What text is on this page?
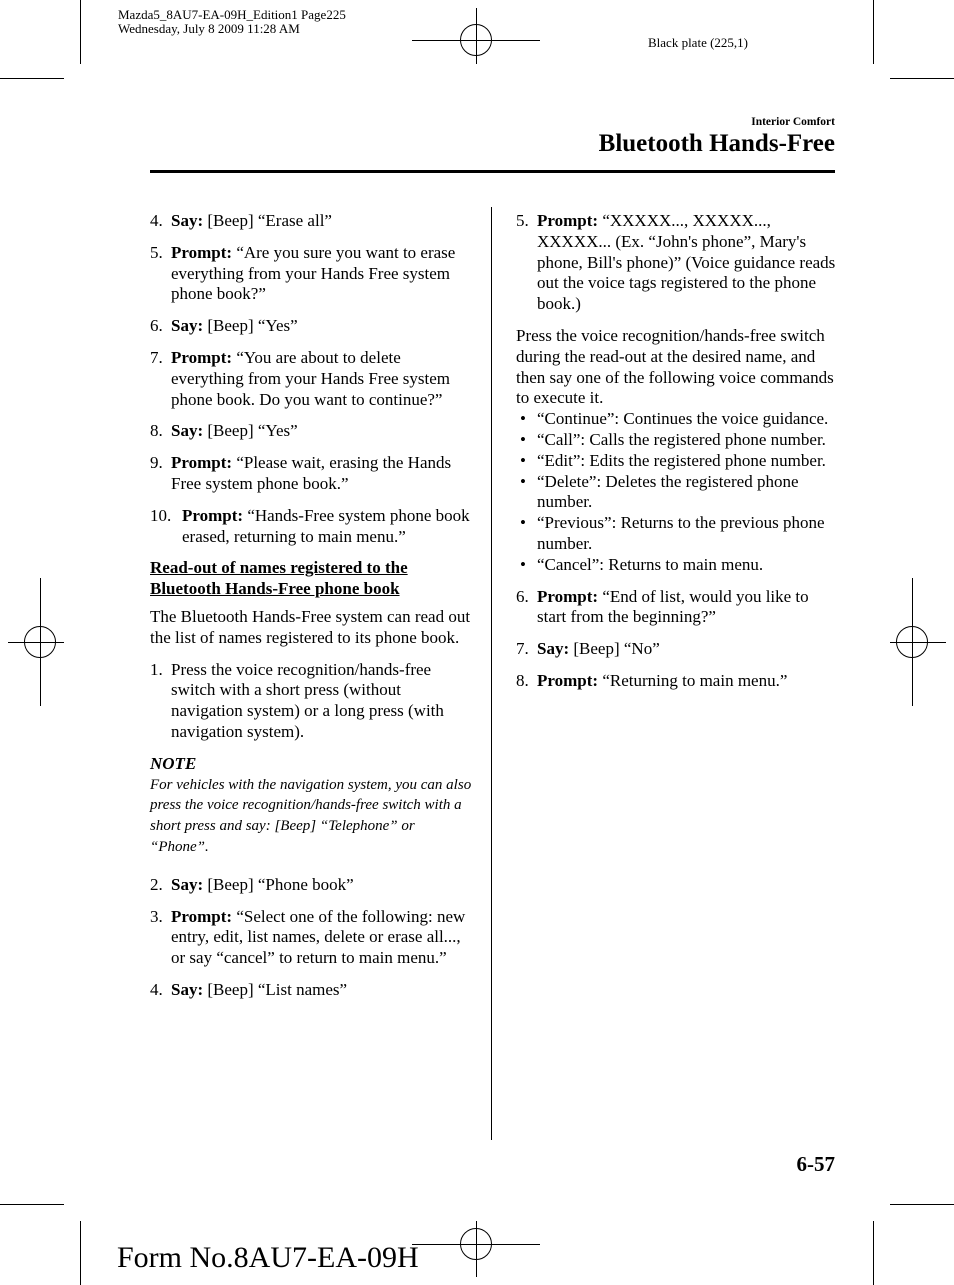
Mazda5_8AU7-EA-09H_Edition1 Page225
Wednesday, July 8 2009 11:28 AM
Black plate (225,1)
Interior Comfort
Bluetooth Hands-Free
4. Say: [Beep] “Erase all”
5. Prompt: “Are you sure you want to erase everything from your Hands Free system phone book?”
6. Say: [Beep] “Yes”
7. Prompt: “You are about to delete everything from your Hands Free system phone book. Do you want to continue?”
8. Say: [Beep] “Yes”
9. Prompt: “Please wait, erasing the Hands Free system phone book.”
10. Prompt: “Hands-Free system phone book erased, returning to main menu.”
Read-out of names registered to the Bluetooth Hands-Free phone book
The Bluetooth Hands-Free system can read out the list of names registered to its phone book.
1. Press the voice recognition/hands-free switch with a short press (without navigation system) or a long press (with navigation system).
NOTE
For vehicles with the navigation system, you can also press the voice recognition/hands-free switch with a short press and say: [Beep] “Telephone” or “Phone”.
2. Say: [Beep] “Phone book”
3. Prompt: “Select one of the following: new entry, edit, list names, delete or erase all..., or say “cancel” to return to main menu.”
4. Say: [Beep] “List names”
5. Prompt: “XXXXX..., XXXXX..., XXXXX... (Ex. “John's phone”, Mary's phone, Bill's phone)” (Voice guidance reads out the voice tags registered to the phone book.)
Press the voice recognition/hands-free switch during the read-out at the desired name, and then say one of the following voice commands to execute it.
• “Continue”: Continues the voice guidance.
• “Call”: Calls the registered phone number.
• “Edit”: Edits the registered phone number.
• “Delete”: Deletes the registered phone number.
• “Previous”: Returns to the previous phone number.
• “Cancel”: Returns to main menu.
6. Prompt: “End of list, would you like to start from the beginning?”
7. Say: [Beep] “No”
8. Prompt: “Returning to main menu.”
6-57
Form No.8AU7-EA-09H
